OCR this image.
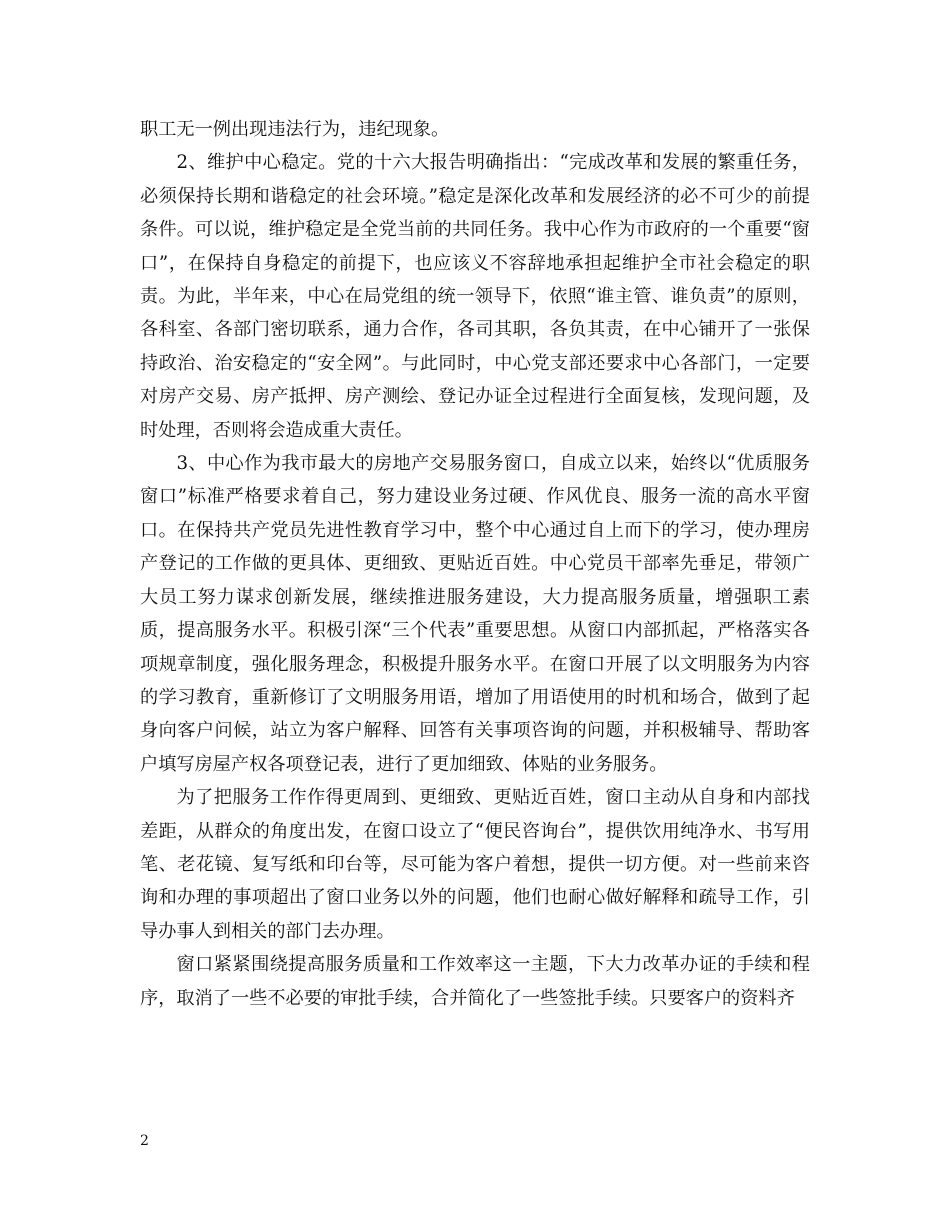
职工无一例出现违法行为，违纪现象。

2、维护中心稳定。党的十六大报告明确指出：“完成改革和发展的繁重任务，必须保持长期和谐稳定的社会环境。”稳定是深化改革和发展经济的必不可少的前提条件。可以说，维护稳定是全党当前的共同任务。我中心作为市政府的一个重要“窗口”，在保持自身稳定的前提下，也应该义不容辞地承担起维护全市社会稳定的职责。为此，半年来，中心在局党组的统一领导下，依照“谁主管、谁负责”的原则，各科室、各部门密切联系，通力合作，各司其职，各负其责，在中心铺开了一张保持政治、治安稳定的“安全网”。与此同时，中心党支部还要求中心各部门，一定要对房产交易、房产抵押、房产测绘、登记办证全过程进行全面复核，发现问题，及时处理，否则将会造成重大责任。

3、中心作为我市最大的房地产交易服务窗口，自成立以来，始终以“优质服务窗口”标准严格要求着自己，努力建设业务过硬、作风优良、服务一流的高水平窗口。在保持共产党员先进性教育学习中，整个中心通过自上而下的学习，使办理房产登记的工作做的更具体、更细致、更贴近百姓。中心党员干部率先垂足，带领广大员工努力谋求创新发展，继续推进服务建设，大力提高服务质量，增强职工素质，提高服务水平。积极引深“三个代表”重要思想。从窗口内部抓起，严格落实各项规章制度，强化服务理念，积极提升服务水平。在窗口开展了以文明服务为内容的学习教育，重新修订了文明服务用语，增加了用语使用的时机和场合，做到了起身向客户问候，站立为客户解释、回答有关事项咨询的问题，并积极辅导、帮助客户填写房屋产权各项登记表，进行了更加细致、体贴的业务服务。

为了把服务工作作得更周到、更细致、更贴近百姓，窗口主动从自身和内部找差距，从群众的角度出发，在窗口设立了“便民咨询台”，提供饮用纯净水、书写用笔、老花镜、复写纸和印台等，尽可能为客户着想，提供一切方便。对一些前来咨询和办理的事项超出了窗口业务以外的问题，他们也耐心做好解释和疏导工作，引导办事人到相关的部门去办理。

窗口紧紧围绕提高服务质量和工作效率这一主题，下大力改革办证的手续和程序，取消了一些不必要的审批手续，合并简化了一些签批手续。只要客户的资料齐

2
